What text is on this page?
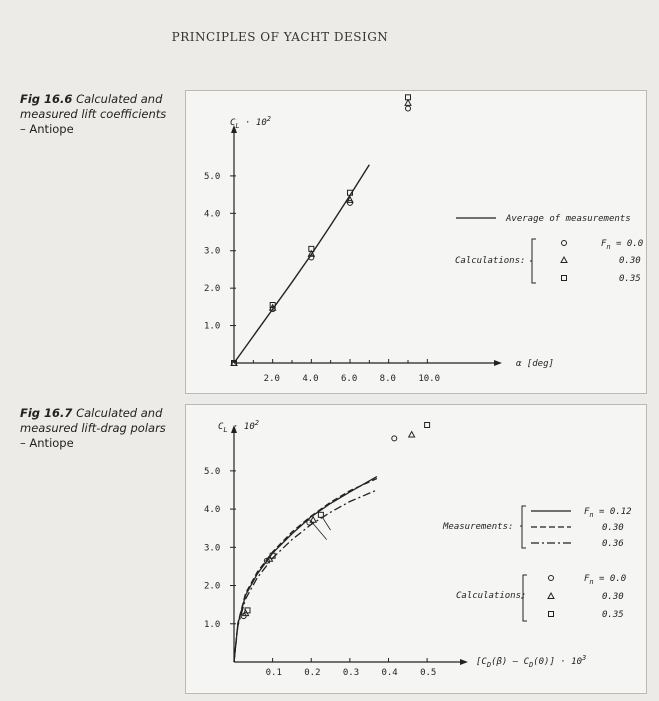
PRINCIPLES OF YACHT DESIGN
Fig 16.6 Calculated and measured lift coefficients
– Antiope
Fig 16.7 Calculated and measured lift-drag polars
– Antiope
$C_L \cdot 10^2$
1.0
2.0
3.0
4.0
5.0
2.0 4.0 6.0 8.0 10.0
α [deg]
Average of measurements
Calculations:
$F_n = 0.0$
0.30
0.35
$C_L \cdot 10^2$
1.0
2.0
3.0
4.0
5.0
0.1 0.2 0.3 0.4 0.5
$[C_D(\beta) - C_D(0)] \cdot 10^3$
Measurements:
$F_n = 0.12$
0.30
0.36
Calculations:
$F_n = 0.0$
0.30
0.35
